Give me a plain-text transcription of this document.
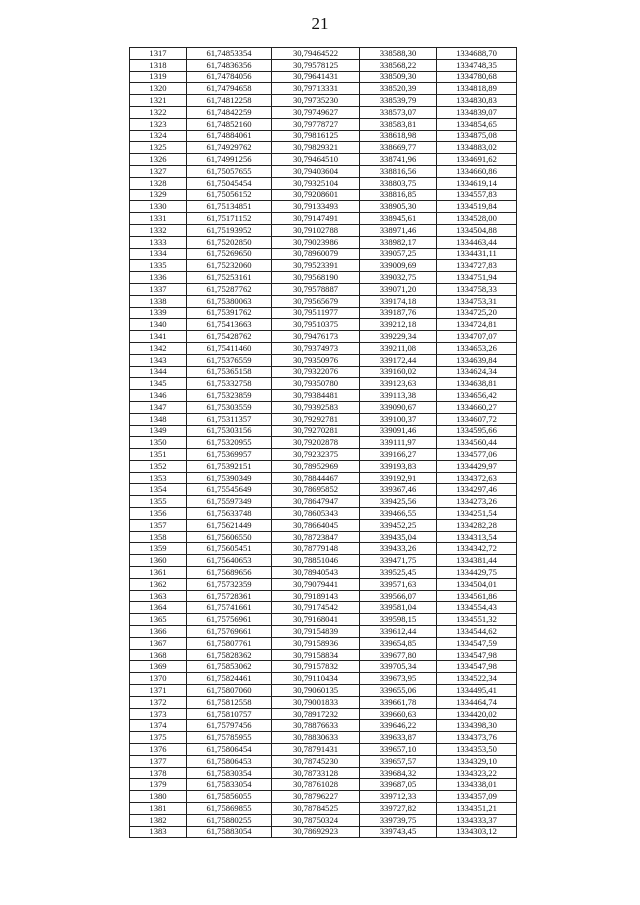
21
1317	61,74853354	30,79464522	338588,30	1334688,70
1318	61,74836356	30,79578125	338568,22	1334748,35
1319	61,74784056	30,79641431	338509,30	1334780,68
1320	61,74794658	30,79713331	338520,39	1334818,89
1321	61,74812258	30,79735230	338539,79	1334830,83
1322	61,74842259	30,79749627	338573,07	1334839,07
1323	61,74852160	30,79778727	338583,81	1334854,65
1324	61,74884061	30,79816125	338618,98	1334875,08
1325	61,74929762	30,79829321	338669,77	1334883,02
1326	61,74991256	30,79464510	338741,96	1334691,62
1327	61,75057655	30,79403604	338816,56	1334660,86
1328	61,75045454	30,79325104	338803,75	1334619,14
1329	61,75056152	30,79208601	338816,85	1334557,83
1330	61,75134851	30,79133493	338905,30	1334519,84
1331	61,75171152	30,79147491	338945,61	1334528,00
1332	61,75193952	30,79102788	338971,46	1334504,88
1333	61,75202850	30,79023986	338982,17	1334463,44
1334	61,75269650	30,78960079	339057,25	1334431,11
1335	61,75232060	30,79523391	339009,69	1334727,83
1336	61,75253161	30,79568190	339032,75	1334751,94
1337	61,75287762	30,79578887	339071,20	1334758,33
1338	61,75380063	30,79565679	339174,18	1334753,31
1339	61,75391762	30,79511977	339187,76	1334725,20
1340	61,75413663	30,79510375	339212,18	1334724,81
1341	61,75428762	30,79476173	339229,34	1334707,07
1342	61,75411460	30,79374973	339211,08	1334653,26
1343	61,75376559	30,79350976	339172,44	1334639,84
1344	61,75365158	30,79322076	339160,02	1334624,34
1345	61,75332758	30,79350780	339123,63	1334638,81
1346	61,75323859	30,79384481	339113,38	1334656,42
1347	61,75303559	30,79392583	339090,67	1334660,27
1348	61,75311357	30,79292781	339100,37	1334607,72
1349	61,75303156	30,79270281	339091,46	1334595,66
1350	61,75320955	30,79202878	339111,97	1334560,44
1351	61,75369957	30,79232375	339166,27	1334577,06
1352	61,75392151	30,78952969	339193,83	1334429,97
1353	61,75390349	30,78844467	339192,91	1334372,63
1354	61,75545649	30,78695852	339367,46	1334297,46
1355	61,75597349	30,78647947	339425,56	1334273,26
1356	61,75633748	30,78605343	339466,55	1334251,54
1357	61,75621449	30,78664045	339452,25	1334282,28
1358	61,75606550	30,78723847	339435,04	1334313,54
1359	61,75605451	30,78779148	339433,26	1334342,72
1360	61,75640653	30,78851046	339471,75	1334381,44
1361	61,75689656	30,78940543	339525,45	1334429,75
1362	61,75732359	30,79079441	339571,63	1334504,01
1363	61,75728361	30,79189143	339566,07	1334561,86
1364	61,75741661	30,79174542	339581,04	1334554,43
1365	61,75756961	30,79168041	339598,15	1334551,32
1366	61,75769661	30,79154839	339612,44	1334544,62
1367	61,75807761	30,79158936	339654,85	1334547,59
1368	61,75828362	30,79158834	339677,80	1334547,98
1369	61,75853062	30,79157832	339705,34	1334547,98
1370	61,75824461	30,79110434	339673,95	1334522,34
1371	61,75807060	30,79060135	339655,06	1334495,41
1372	61,75812558	30,79001833	339661,78	1334464,74
1373	61,75810757	30,78917232	339660,63	1334420,02
1374	61,75797456	30,78876633	339646,22	1334398,30
1375	61,75785955	30,78830633	339633,87	1334373,76
1376	61,75806454	30,78791431	339657,10	1334353,50
1377	61,75806453	30,78745230	339657,57	1334329,10
1378	61,75830354	30,78733128	339684,32	1334323,22
1379	61,75833054	30,78761028	339687,05	1334338,01
1380	61,75856055	30,78796227	339712,33	1334357,09
1381	61,75869855	30,78784525	339727,82	1334351,21
1382	61,75880255	30,78750324	339739,75	1334333,37
1383	61,75883054	30,78692923	339743,45	1334303,12
